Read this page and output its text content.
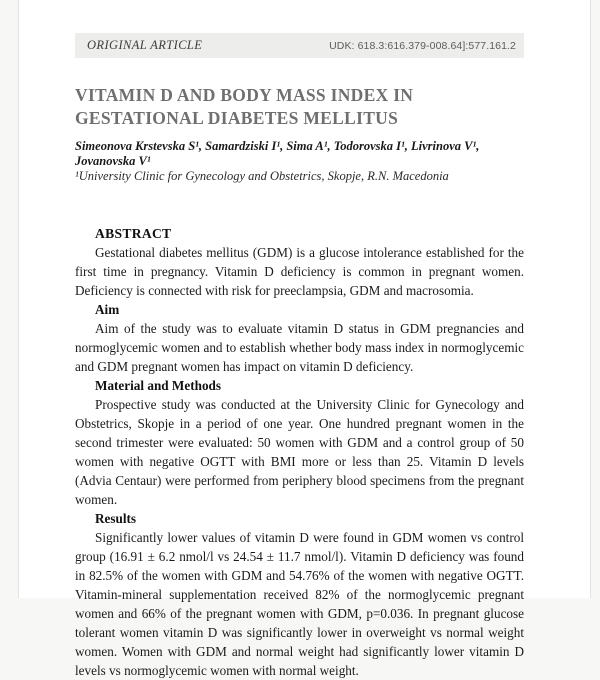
ORIGINAL ARTICLE	UDK: 618.3:616.379-008.64]:577.161.2
VITAMIN D AND BODY MASS INDEX IN GESTATIONAL DIABETES MELLITUS
Simeonova Krstevska S¹, Samardziski I¹, Sima A¹, Todorovska I¹, Livrinova V¹, Jovanovska V¹
¹University Clinic for Gynecology and Obstetrics, Skopje, R.N. Macedonia
ABSTRACT

Gestational diabetes mellitus (GDM) is a glucose intolerance established for the first time in pregnancy. Vitamin D deficiency is common in pregnant women. Deficiency is connected with risk for preeclampsia, GDM and macrosomia.

Aim

Aim of the study was to evaluate vitamin D status in GDM pregnancies and normoglycemic women and to establish whether body mass index in normoglycemic and GDM pregnant women has impact on vitamin D deficiency.

Material and Methods

Prospective study was conducted at the University Clinic for Gynecology and Obstetrics, Skopje in a period of one year. One hundred pregnant women in the second trimester were evaluated: 50 women with GDM and a control group of 50 women with negative OGTT with BMI more or less than 25. Vitamin D levels (Advia Centaur) were performed from periphery blood specimens from the pregnant women.

Results

Significantly lower values of vitamin D were found in GDM women vs control group (16.91 ± 6.2 nmol/l vs 24.54 ± 11.7 nmol/l). Vitamin D deficiency was found in 82.5% of the women with GDM and 54.76% of the women with negative OGTT. Vitamin-mineral supplementation received 82% of the normoglycemic pregnant women and 66% of the pregnant women with GDM, p=0.036. In pregnant glucose tolerant women vitamin D was significantly lower in overweight vs normal weight women. Women with GDM and normal weight had significantly lower vitamin D levels vs normoglycemic women with normal weight.
